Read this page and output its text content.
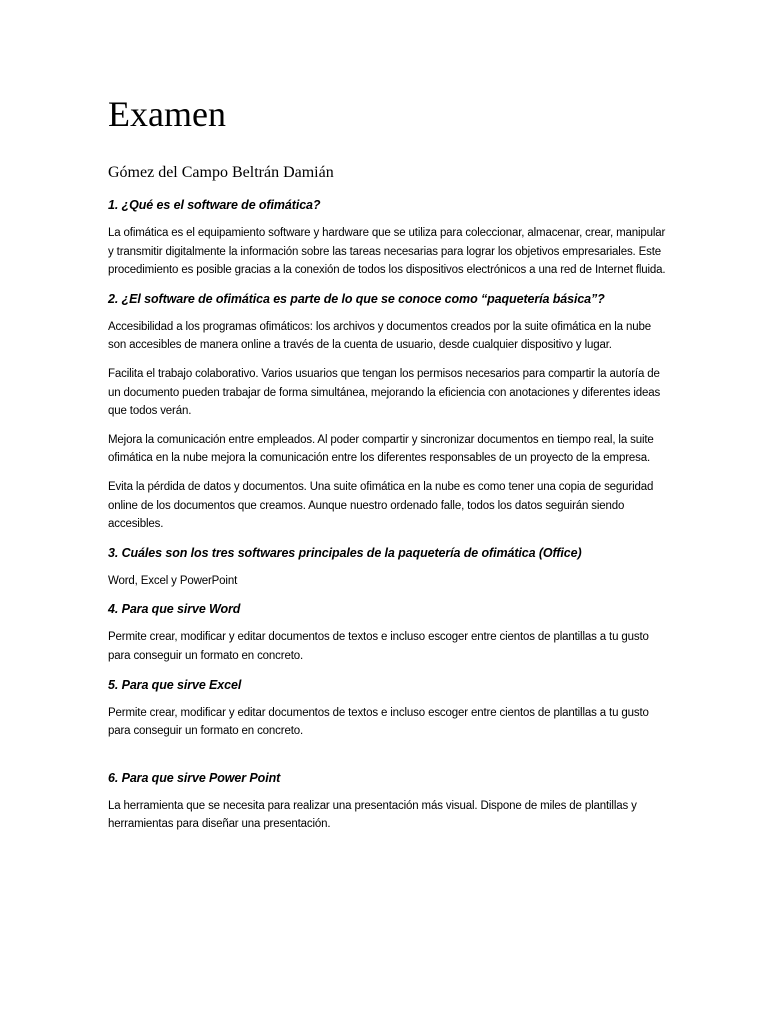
Examen
Gómez del Campo Beltrán Damián

1. ¿Qué es el software de ofimática?

La ofimática es el equipamiento software y hardware que se utiliza para coleccionar, almacenar, crear, manipular y transmitir digitalmente la información sobre las tareas necesarias para lograr los objetivos empresariales. Este procedimiento es posible gracias a la conexión de todos los dispositivos electrónicos a una red de Internet fluida.

2. ¿El software de ofimática es parte de lo que se conoce como “paquetería básica”?

Accesibilidad a los programas ofimáticos: los archivos y documentos creados por la suite ofimática en la nube son accesibles de manera online a través de la cuenta de usuario, desde cualquier dispositivo y lugar.

Facilita el trabajo colaborativo. Varios usuarios que tengan los permisos necesarios para compartir la autoría de un documento pueden trabajar de forma simultánea, mejorando la eficiencia con anotaciones y diferentes ideas que todos verán.

Mejora la comunicación entre empleados. Al poder compartir y sincronizar documentos en tiempo real, la suite ofimática en la nube mejora la comunicación entre los diferentes responsables de un proyecto de la empresa.

Evita la pérdida de datos y documentos. Una suite ofimática en la nube es como tener una copia de seguridad online de los documentos que creamos. Aunque nuestro ordenado falle, todos los datos seguirán siendo accesibles.

3. Cuáles son los tres softwares principales de la paquetería de ofimática (Office)

Word, Excel y PowerPoint

4. Para que sirve Word

Permite crear, modificar y editar documentos de textos e incluso escoger entre cientos de plantillas a tu gusto para conseguir un formato en concreto.

5. Para que sirve Excel

Permite crear, modificar y editar documentos de textos e incluso escoger entre cientos de plantillas a tu gusto para conseguir un formato en concreto.

6. Para que sirve Power Point

La herramienta que se necesita para realizar una presentación más visual. Dispone de miles de plantillas y herramientas para diseñar una presentación.
